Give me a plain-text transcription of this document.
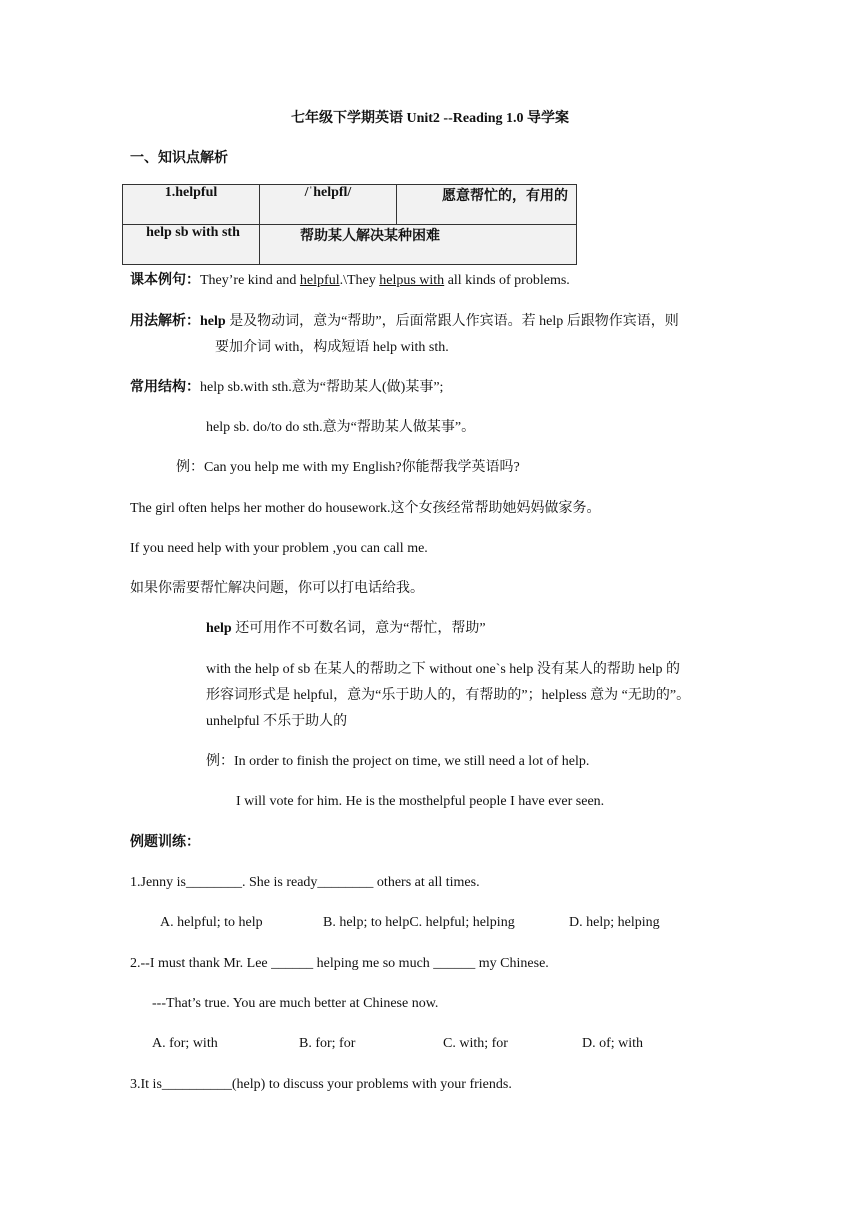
七年级下学期英语 Unit2 --Reading 1.0 导学案
一、知识点解析
1.helpful	/ˈhelpfl/	愿意帮忙的，有用的
help sb with sth	帮助某人解决某种困难	
课本例句：They’re kind and helpful.\They helpus with all kinds of problems.
用法解析：help 是及物动词，意为“帮助”，后面常跟人作宾语。若 help 后跟物作宾语，则
要加介词 with，构成短语 help with sth.
常用结构：help sb.with sth.意为“帮助某人(做)某事”;
help sb. do/to do sth.意为“帮助某人做某事”。
例：Can you help me with my English?你能帮我学英语吗?
The girl often helps her mother do housework.这个女孩经常帮助她妈妈做家务。
If you need help with your problem ,you can call me.
如果你需要帮忙解决问题，你可以打电话给我。
help 还可用作不可数名词，意为“帮忙，帮助”
with the help of sb 在某人的帮助之下 without one`s help 没有某人的帮助 help 的
形容词形式是 helpful，意为“乐于助人的，有帮助的”；helpless 意为 “无助的”。
unhelpful 不乐于助人的
例：In order to finish the project on time, we still need a lot of help.
I will vote for him. He is the mosthelpful people I have ever seen.
例题训练：
1.Jenny is________. She is ready________ others at all times.
A. helpful; to help	B. help; to helpC. helpful; helping	D. help; helping
2.--I must thank Mr. Lee ______ helping me so much ______ my Chinese.
---That’s true. You are much better at Chinese now.
A. for; with	B. for; for	C. with; for	D. of; with
3.It is__________(help) to discuss your problems with your friends.
